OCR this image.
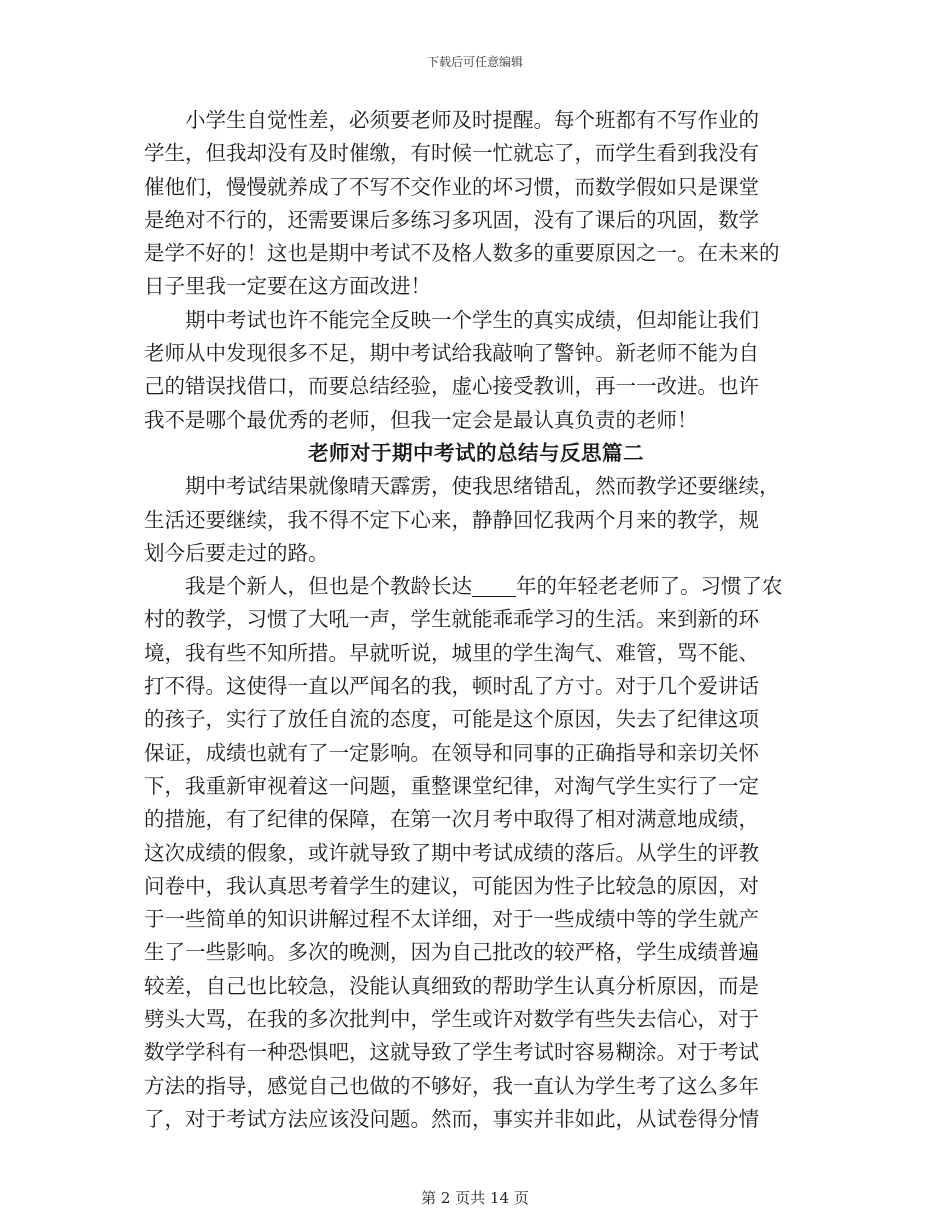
下载后可任意编辑
　　小学生自觉性差，必须要老师及时提醒。每个班都有不写作业的
学生，但我却没有及时催缴，有时候一忙就忘了，而学生看到我没有
催他们，慢慢就养成了不写不交作业的坏习惯，而数学假如只是课堂
是绝对不行的，还需要课后多练习多巩固，没有了课后的巩固，数学
是学不好的！这也是期中考试不及格人数多的重要原因之一。在未来的
日子里我一定要在这方面改进！
　　期中考试也许不能完全反映一个学生的真实成绩，但却能让我们
老师从中发现很多不足，期中考试给我敲响了警钟。新老师不能为自
己的错误找借口，而要总结经验，虚心接受教训，再一一改进。也许
我不是哪个最优秀的老师，但我一定会是最认真负责的老师！
老师对于期中考试的总结与反思篇二
　　期中考试结果就像晴天霹雳，使我思绪错乱，然而教学还要继续，
生活还要继续，我不得不定下心来，静静回忆我两个月来的教学，规
划今后要走过的路。
　　我是个新人，但也是个教龄长达 年的年轻老老师了。习惯了农
村的教学，习惯了大吼一声，学生就能乖乖学习的生活。来到新的环
境，我有些不知所措。早就听说，城里的学生淘气、难管，骂不能、
打不得。这使得一直以严闻名的我，顿时乱了方寸。对于几个爱讲话
的孩子，实行了放任自流的态度，可能是这个原因，失去了纪律这项
保证，成绩也就有了一定影响。在领导和同事的正确指导和亲切关怀
下，我重新审视着这一问题，重整课堂纪律，对淘气学生实行了一定
的措施，有了纪律的保障，在第一次月考中取得了相对满意地成绩，
这次成绩的假象，或许就导致了期中考试成绩的落后。从学生的评教
问卷中，我认真思考着学生的建议，可能因为性子比较急的原因，对
于一些简单的知识讲解过程不太详细，对于一些成绩中等的学生就产
生了一些影响。多次的晚测，因为自己批改的较严格，学生成绩普遍
较差，自己也比较急，没能认真细致的帮助学生认真分析原因，而是
劈头大骂，在我的多次批判中，学生或许对数学有些失去信心，对于
数学学科有一种恐惧吧，这就导致了学生考试时容易糊涂。对于考试
方法的指导，感觉自己也做的不够好，我一直认为学生考了这么多年
了，对于考试方法应该没问题。然而，事实并非如此，从试卷得分情
第 2 页共 14 页
